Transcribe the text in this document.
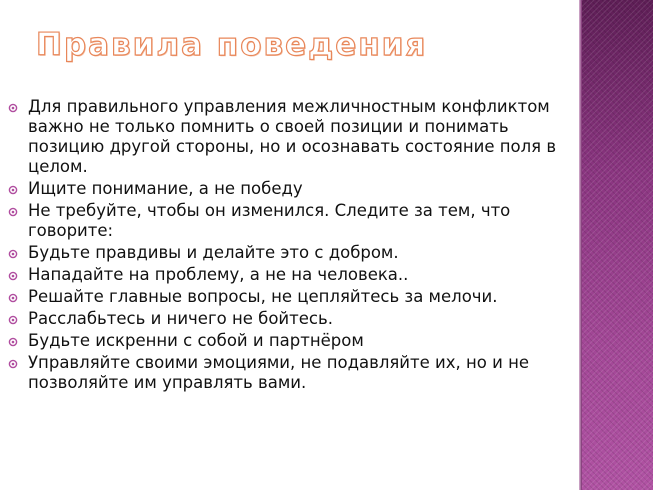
Правила поведения
Для правильного управления межличностным конфликтом важно не только помнить о своей позиции и понимать позицию другой стороны, но и осознавать состояние поля в целом.
Ищите понимание, а не победу
Не требуйте, чтобы он изменился. Следите за тем, что говорите:
Будьте правдивы и делайте это с добром.
Нападайте на проблему, а не на человека..
Решайте главные вопросы, не цепляйтесь за мелочи.
Расслабьтесь и ничего не бойтесь.
Будьте искренни с собой и партнёром
Управляйте своими эмоциями, не подавляйте их, но и не позволяйте им управлять вами.
